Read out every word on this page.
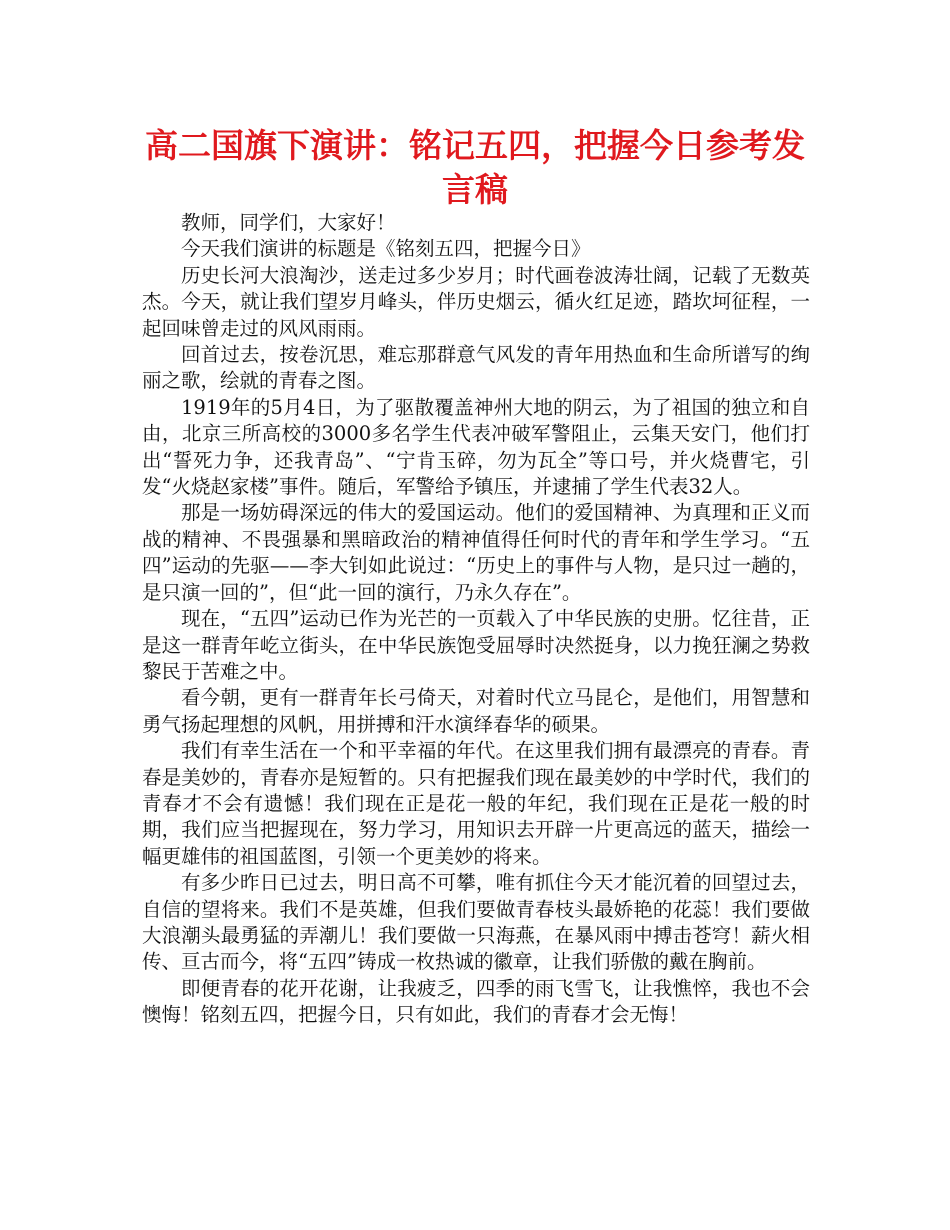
高二国旗下演讲：铭记五四，把握今日参考发言稿

教师，同学们，大家好！

今天我们演讲的标题是《铭刻五四，把握今日》

历史长河大浪淘沙，送走过多少岁月；时代画卷波涛壮阔，记载了无数英杰。今天，就让我们望岁月峰头，伴历史烟云，循火红足迹，踏坎坷征程，一起回味曾走过的风风雨雨。

回首过去，按卷沉思，难忘那群意气风发的青年用热血和生命所谱写的绚丽之歌，绘就的青春之图。

1919年的5月4日，为了驱散覆盖神州大地的阴云，为了祖国的独立和自由，北京三所高校的3000多名学生代表冲破军警阻止，云集天安门，他们打出“誓死力争，还我青岛”、“宁肯玉碎，勿为瓦全”等口号，并火烧曹宅，引发“火烧赵家楼”事件。随后，军警给予镇压，并逮捕了学生代表32人。

那是一场妨碍深远的伟大的爱国运动。他们的爱国精神、为真理和正义而战的精神、不畏强暴和黑暗政治的精神值得任何时代的青年和学生学习。“五四”运动的先驱——李大钊如此说过：“历史上的事件与人物，是只过一趟的，是只演一回的”，但“此一回的演行，乃永久存在”。

现在，“五四”运动已作为光芒的一页载入了中华民族的史册。忆往昔，正是这一群青年屹立街头，在中华民族饱受屈辱时决然挺身，以力挽狂澜之势救黎民于苦难之中。

看今朝，更有一群青年长弓倚天，对着时代立马昆仑，是他们，用智慧和勇气扬起理想的风帆，用拼搏和汗水演绎春华的硕果。

我们有幸生活在一个和平幸福的年代。在这里我们拥有最漂亮的青春。青春是美妙的，青春亦是短暂的。只有把握我们现在最美妙的中学时代，我们的青春才不会有遗憾！我们现在正是花一般的年纪，我们现在正是花一般的时期，我们应当把握现在，努力学习，用知识去开辟一片更高远的蓝天，描绘一幅更雄伟的祖国蓝图，引领一个更美妙的将来。

有多少昨日已过去，明日高不可攀，唯有抓住今天才能沉着的回望过去，自信的望将来。我们不是英雄，但我们要做青春枝头最娇艳的花蕊！我们要做大浪潮头最勇猛的弄潮儿！我们要做一只海燕，在暴风雨中搏击苍穹！薪火相传、亘古而今，将“五四”铸成一枚热诚的徽章，让我们骄傲的戴在胸前。

即便青春的花开花谢，让我疲乏，四季的雨飞雪飞，让我憔悴，我也不会懊悔！铭刻五四，把握今日，只有如此，我们的青春才会无悔！
